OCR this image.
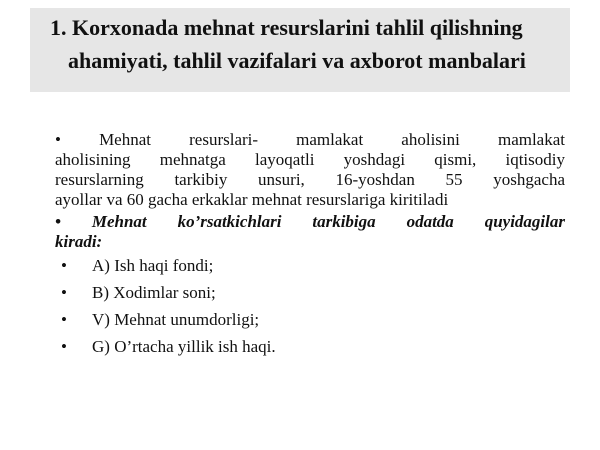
1. Korxonada mehnat resurslarini tahlil qilishning
ahamiyati, tahlil vazifalari va axborot manbalari

• Mehnat resurslari- mamlakat aholisini mamlakat
aholisining mehnatga layoqatli yoshdagi qismi, iqtisodiy
resurslarning tarkibiy unsuri, 16-yoshdan 55 yoshgacha
ayollar va 60 gacha erkaklar mehnat resurslariga kiritiladi

• Mehnat ko’rsatkichlari tarkibiga odatda quyidagilar
kiradi:

• A) Ish haqi fondi;
• B) Xodimlar soni;
• V) Mehnat unumdorligi;
• G) O’rtacha yillik ish haqi.
